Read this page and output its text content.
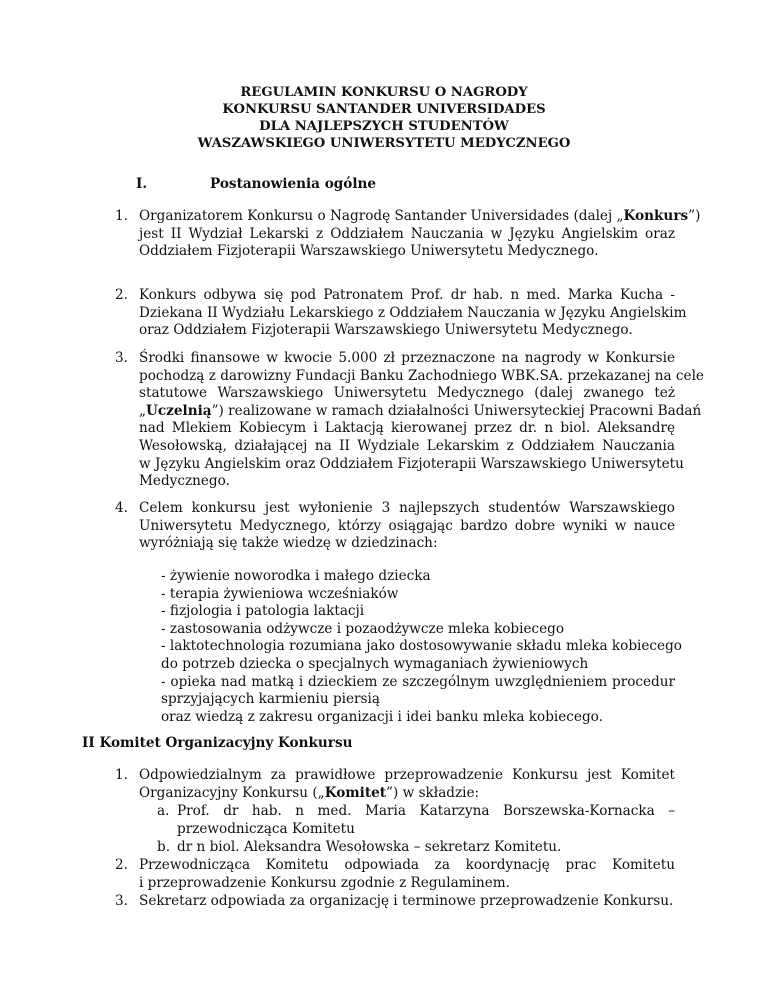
REGULAMIN KONKURSU O NAGRODY
KONKURSU SANTANDER UNIVERSIDADES
DLA NAJLEPSZYCH STUDENTÓW
WASZAWSKIEGO UNIWERSYTETU MEDYCZNEGO
I.	Postanowienia ogólne
1. Organizatorem Konkursu o Nagrodę Santander Universidades (dalej „Konkurs”)
jest II Wydział Lekarski z Oddziałem Nauczania w Języku Angielskim oraz
Oddziałem Fizjoterapii Warszawskiego Uniwersytetu Medycznego.
2. Konkurs odbywa się pod Patronatem Prof. dr hab. n med. Marka Kucha -
Dziekana II Wydziału Lekarskiego z Oddziałem Nauczania w Języku Angielskim
oraz Oddziałem Fizjoterapii Warszawskiego Uniwersytetu Medycznego.
3. Środki finansowe w kwocie 5.000 zł przeznaczone na nagrody w Konkursie
pochodzą z darowizny Fundacji Banku Zachodniego WBK.SA. przekazanej na cele
statutowe Warszawskiego Uniwersytetu Medycznego (dalej zwanego też
„Uczelnią”) realizowane w ramach działalności Uniwersyteckiej Pracowni Badań
nad Mlekiem Kobiecym i Laktacją kierowanej przez dr. n biol. Aleksandrę
Wesołowską, działającej na II Wydziale Lekarskim z Oddziałem Nauczania
w Języku Angielskim oraz Oddziałem Fizjoterapii Warszawskiego Uniwersytetu
Medycznego.
4. Celem konkursu jest wyłonienie 3 najlepszych studentów Warszawskiego
Uniwersytetu Medycznego, którzy osiągając bardzo dobre wyniki w nauce
wyróżniają się także wiedzę w dziedzinach:
- żywienie noworodka i małego dziecka
- terapia żywieniowa wcześniaków
- fizjologia i patologia laktacji
- zastosowania odżywcze i pozaodżywcze mleka kobiecego
- laktotechnologia rozumiana jako dostosowywanie składu mleka kobiecego
do potrzeb dziecka o specjalnych wymaganiach żywieniowych
- opieka nad matką i dzieckiem ze szczególnym uwzględnieniem procedur
sprzyjających karmieniu piersią
oraz wiedzą z zakresu organizacji i idei banku mleka kobiecego.
II Komitet Organizacyjny Konkursu
1. Odpowiedzialnym za prawidłowe przeprowadzenie Konkursu jest Komitet
Organizacyjny Konkursu („Komitet”) w składzie:
a. Prof. dr hab. n med. Maria Katarzyna Borszewska-Kornacka –
przewodnicząca Komitetu
b. dr n biol. Aleksandra Wesołowska – sekretarz Komitetu.
2. Przewodnicząca Komitetu odpowiada za koordynację prac Komitetu
i przeprowadzenie Konkursu zgodnie z Regulaminem.
3. Sekretarz odpowiada za organizację i terminowe przeprowadzenie Konkursu.
